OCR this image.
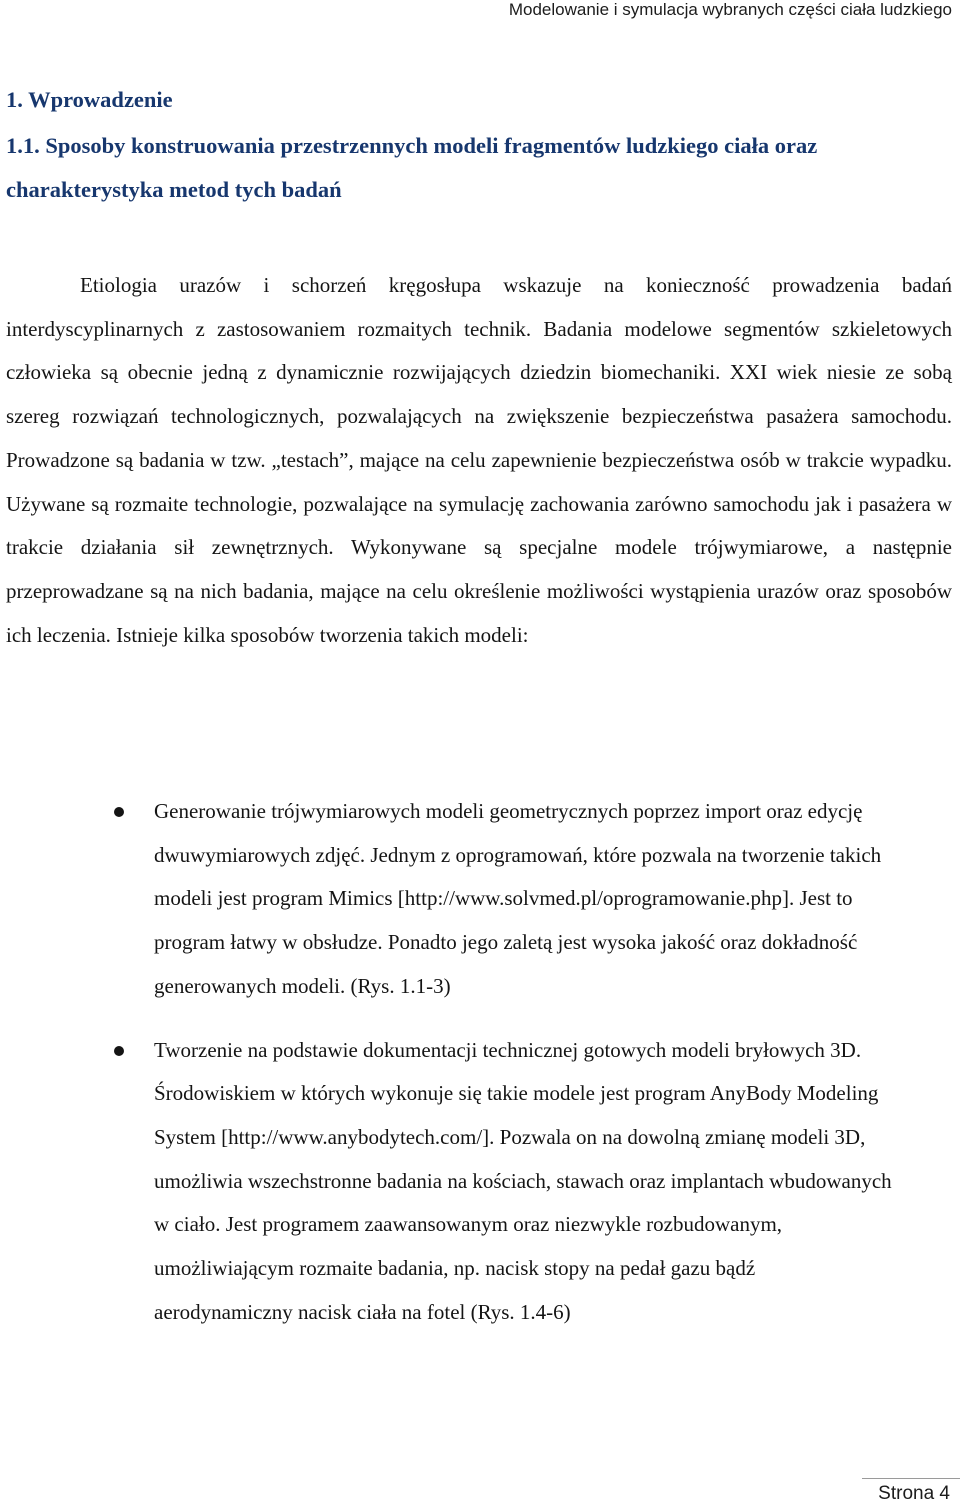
Modelowanie i symulacja wybranych części ciała ludzkiego
1. Wprowadzenie
1.1. Sposoby konstruowania przestrzennych modeli fragmentów ludzkiego ciała oraz charakterystyka metod tych badań

Etiologia urazów i schorzeń kręgosłupa wskazuje na konieczność prowadzenia badań interdyscyplinarnych z zastosowaniem rozmaitych technik. Badania modelowe segmentów szkieletowych człowieka są obecnie jedną z dynamicznie rozwijających dziedzin biomechaniki. XXI wiek niesie ze sobą szereg rozwiązań technologicznych, pozwalających na zwiększenie bezpieczeństwa pasażera samochodu. Prowadzone są badania w tzw. „testach”, mające na celu zapewnienie bezpieczeństwa osób w trakcie wypadku. Używane są rozmaite technologie, pozwalające na symulację zachowania zarówno samochodu jak i pasażera w trakcie działania sił zewnętrznych. Wykonywane są specjalne modele trójwymiarowe, a następnie przeprowadzane są na nich badania, mające na celu określenie możliwości wystąpienia urazów oraz sposobów ich leczenia. Istnieje kilka sposobów tworzenia takich modeli:

Generowanie trójwymiarowych modeli geometrycznych poprzez import oraz edycję dwuwymiarowych zdjęć. Jednym z oprogramowań, które pozwala na tworzenie takich modeli jest program Mimics [http://www.solvmed.pl/oprogramowanie.php]. Jest to program łatwy w obsłudze. Ponadto jego zaletą jest wysoka jakość oraz dokładność generowanych modeli. (Rys. 1.1-3)
Tworzenie na podstawie dokumentacji technicznej gotowych modeli bryłowych 3D. Środowiskiem w których wykonuje się takie modele jest program AnyBody Modeling System [http://www.anybodytech.com/]. Pozwala on na dowolną zmianę modeli 3D, umożliwia wszechstronne badania na kościach, stawach oraz implantach wbudowanych w ciało. Jest programem zaawansowanym oraz niezwykle rozbudowanym, umożliwiającym rozmaite badania, np. nacisk stopy na pedał gazu bądź aerodynamiczny nacisk ciała na fotel (Rys. 1.4-6)
Strona 4
